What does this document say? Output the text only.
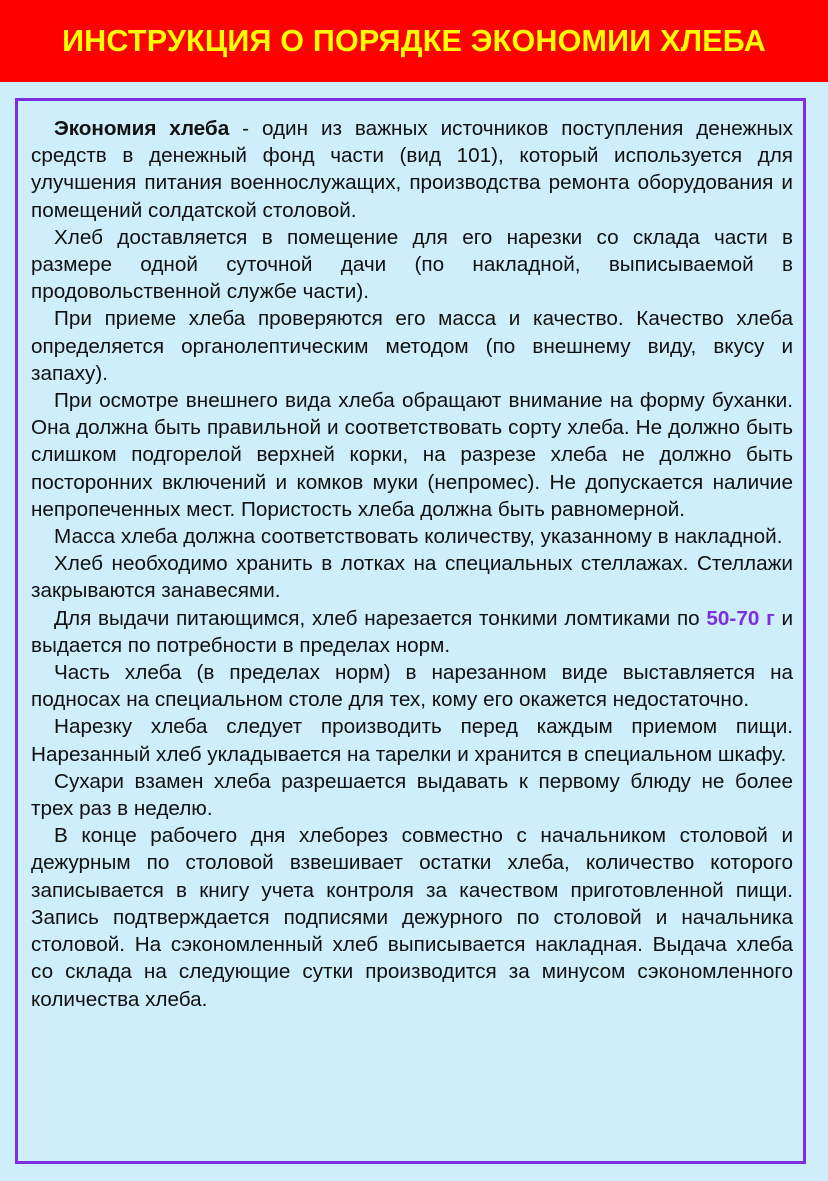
ИНСТРУКЦИЯ О ПОРЯДКЕ ЭКОНОМИИ ХЛЕБА

Экономия хлеба - один из важных источников поступления денежных средств в денежный фонд части (вид 101), который используется для улучшения питания военнослужащих, производства ремонта оборудования и помещений солдатской столовой.

Хлеб доставляется в помещение для его нарезки со склада части в размере одной суточной дачи (по накладной, выписываемой в продовольственной службе части).

При приеме хлеба проверяются его масса и качество. Качество хлеба определяется органолептическим методом (по внешнему виду, вкусу и запаху).

При осмотре внешнего вида хлеба обращают внимание на форму буханки. Она должна быть правильной и соответствовать сорту хлеба. Не должно быть слишком подгорелой верхней корки, на разрезе хлеба не должно быть посторонних включений и комков муки (непромес). Не допускается наличие непропеченных мест. Пористость хлеба должна быть равномерной.

Масса хлеба должна соответствовать количеству, указанному в накладной.

Хлеб необходимо хранить в лотках на специальных стеллажах. Стеллажи закрываются занавесями.

Для выдачи питающимся, хлеб нарезается тонкими ломтиками по 50-70 г и выдается по потребности в пределах норм.

Часть хлеба (в пределах норм) в нарезанном виде выставляется на подносах на специальном столе для тех, кому его окажется недостаточно.

Нарезку хлеба следует производить перед каждым приемом пищи. Нарезанный хлеб укладывается на тарелки и хранится в специальном шкафу.

Сухари взамен хлеба разрешается выдавать к первому блюду не более трех раз в неделю.

В конце рабочего дня хлеборез совместно с начальником столовой и дежурным по столовой взвешивает остатки хлеба, количество которого записывается в книгу учета контроля за качеством приготовленной пищи. Запись подтверждается подписями дежурного по столовой и начальника столовой. На сэкономленный хлеб выписывается накладная. Выдача хлеба со склада на следующие сутки производится за минусом сэкономленного количества хлеба.
